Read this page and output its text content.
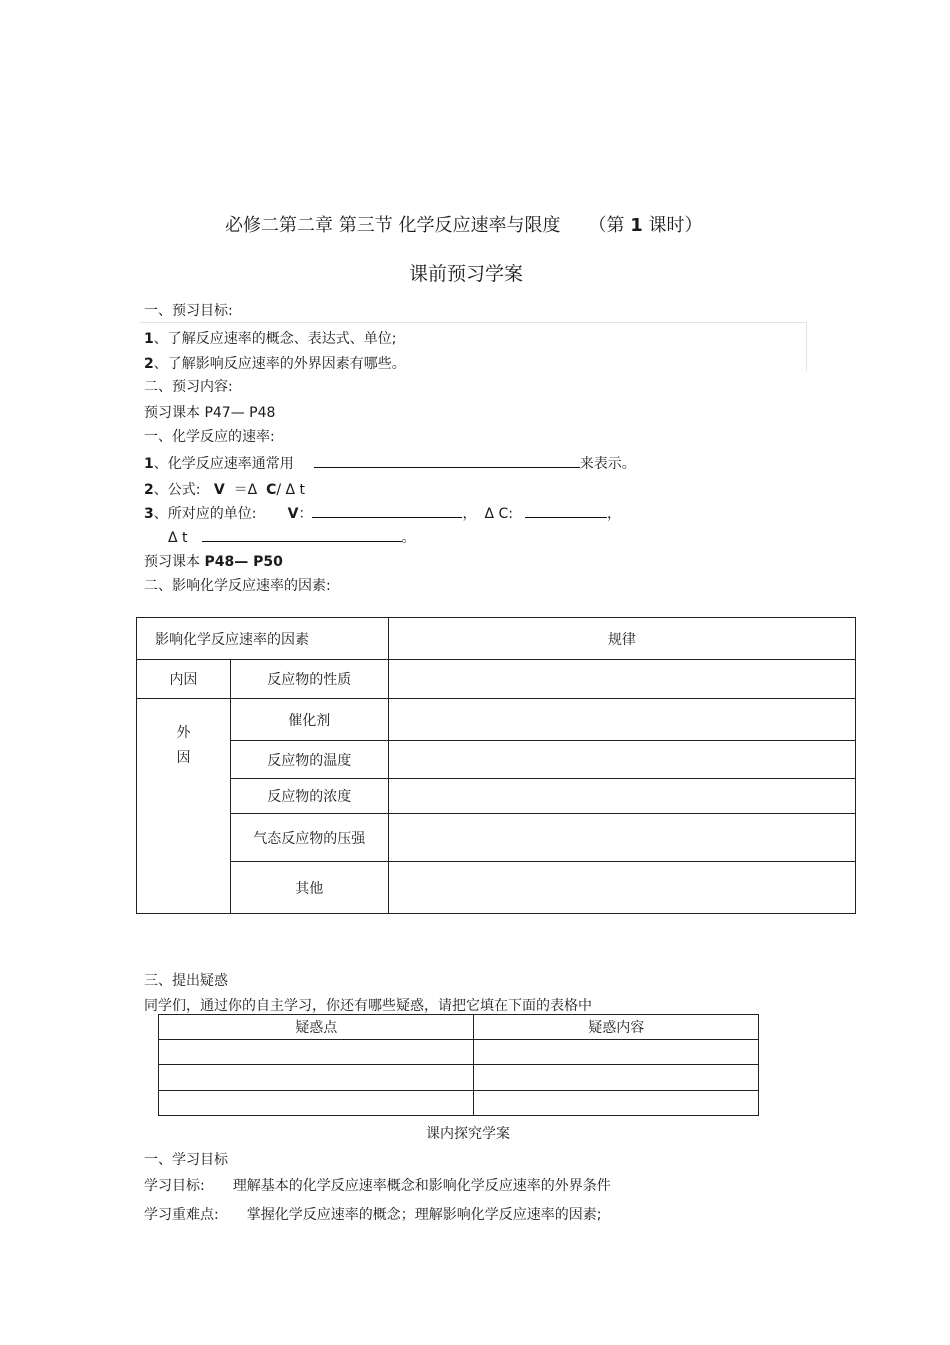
必修二第二章 第三节 化学反应速率与限度 （第 1 课时）
课前预习学案
一、预习目标:
1、了解反应速率的概念、表达式、单位;
2、了解影响反应速率的外界因素有哪些。
二、预习内容:
预习课本 P47— P48
一、化学反应的速率:
1、化学反应速率通常用	来表示。
2、公式:   V  ＝Δ  C/ Δ t
3、所对应的单位:       V：	， Δ C:	，
Δ t	。
预习课本 P48— P50
二、影响化学反应速率的因素:
影响化学反应速率的因素		规律
内因	反应物的性质	

外
因	催化剂	
	反应物的温度	
	反应物的浓度	
	气态反应物的压强	
	其他	
三、提出疑惑
同学们，通过你的自主学习，你还有哪些疑惑，请把它填在下面的表格中
疑惑点	疑惑内容

课内探究学案
一、学习目标
学习目标: 理解基本的化学反应速率概念和影响化学反应速率的外界条件
学习重难点: 掌握化学反应速率的概念；理解影响化学反应速率的因素;
